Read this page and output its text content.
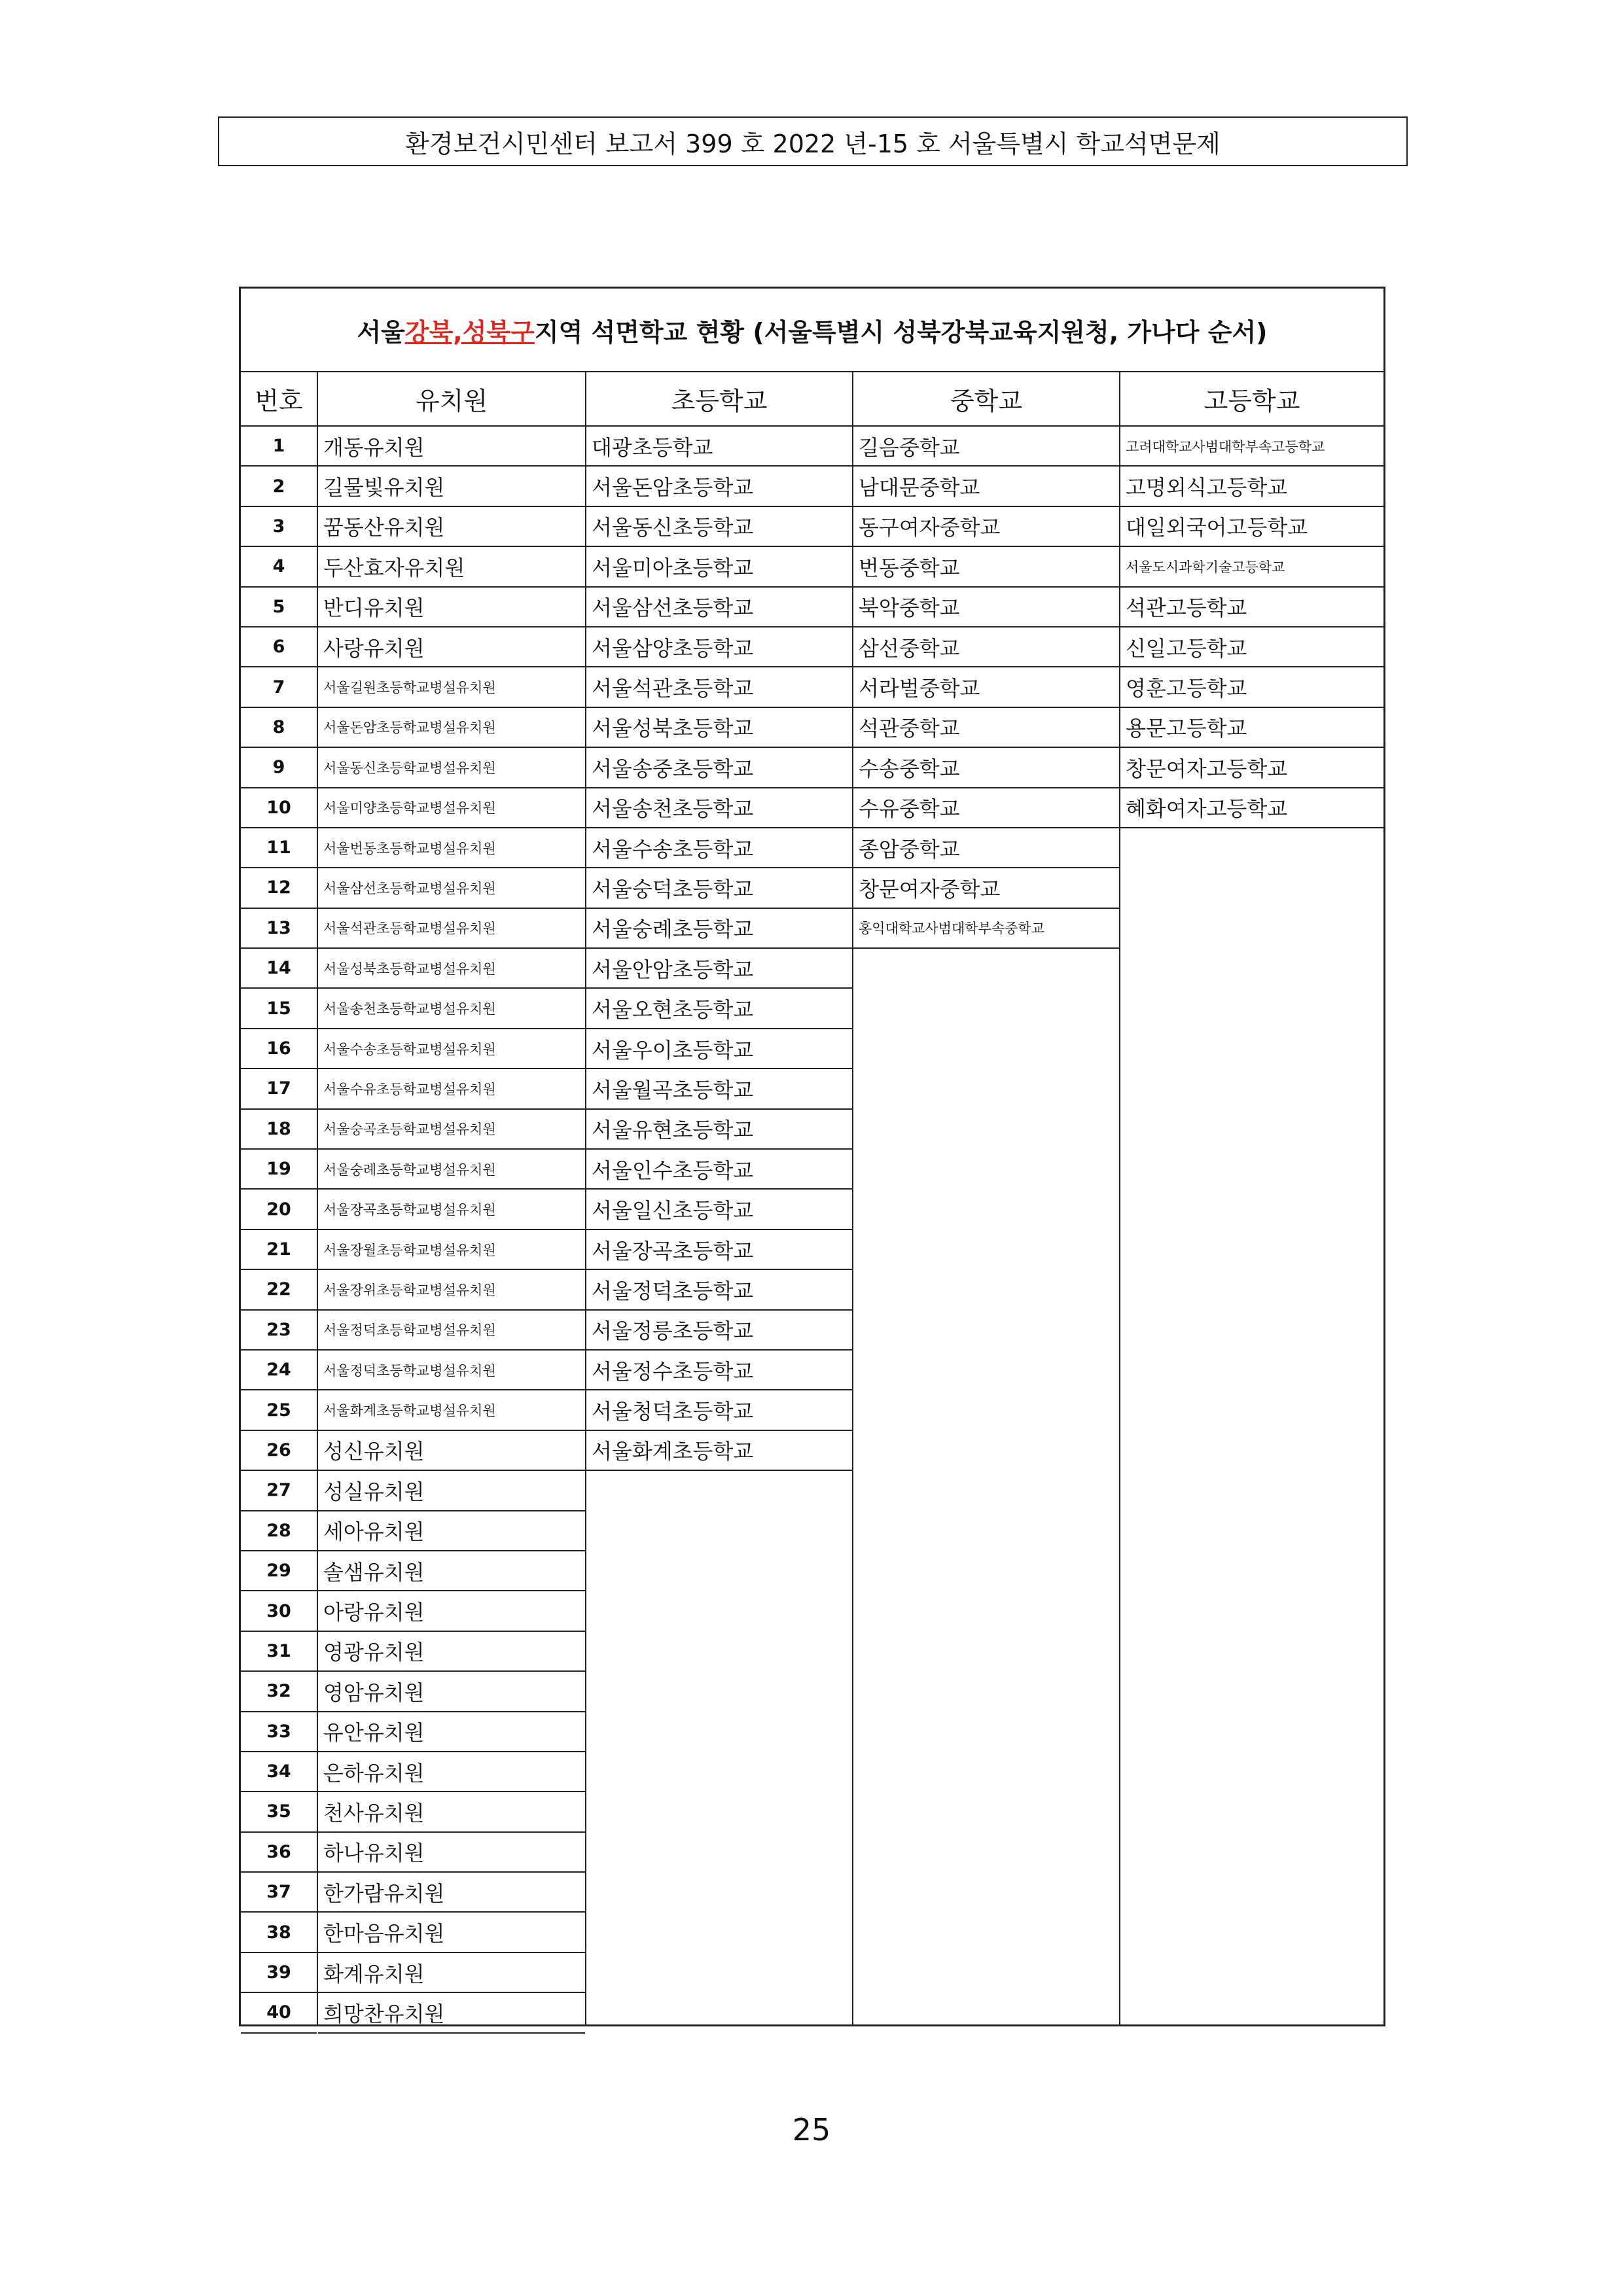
환경보건시민센터 보고서 399 호 2022 년-15 호 서울특별시 학교석면문제
서울 강북,성북구 지역 석면학교 현황 (서울특별시 성북강북교육지원청, 가나다 순서)
번호
1
2
3
4
5
6
7
8
9
10
11
12
13
14
15
16
17
18
19
20
21
22
23
24
25
26
27
28
29
30
31
32
33
34
35
36
37
38
39
40
유치원
개동유치원
길물빛유치원
꿈동산유치원
두산효자유치원
반디유치원
사랑유치원
서울길원초등학교병설유치원
서울돈암초등학교병설유치원
서울동신초등학교병설유치원
서울미양초등학교병설유치원
서울번동초등학교병설유치원
서울삼선초등학교병설유치원
서울석관초등학교병설유치원
서울성북초등학교병설유치원
서울송천초등학교병설유치원
서울수송초등학교병설유치원
서울수유초등학교병설유치원
서울숭곡초등학교병설유치원
서울숭례초등학교병설유치원
서울장곡초등학교병설유치원
서울장월초등학교병설유치원
서울장위초등학교병설유치원
서울정덕초등학교병설유치원
서울정덕초등학교병설유치원
서울화계초등학교병설유치원
성신유치원
성실유치원
세아유치원
솔샘유치원
아랑유치원
영광유치원
영암유치원
유안유치원
은하유치원
천사유치원
하나유치원
한가람유치원
한마음유치원
화계유치원
희망찬유치원
초등학교
대광초등학교
서울돈암초등학교
서울동신초등학교
서울미아초등학교
서울삼선초등학교
서울삼양초등학교
서울석관초등학교
서울성북초등학교
서울송중초등학교
서울송천초등학교
서울수송초등학교
서울숭덕초등학교
서울숭례초등학교
서울안암초등학교
서울오현초등학교
서울우이초등학교
서울월곡초등학교
서울유현초등학교
서울인수초등학교
서울일신초등학교
서울장곡초등학교
서울정덕초등학교
서울정릉초등학교
서울정수초등학교
서울청덕초등학교
서울화계초등학교
중학교
길음중학교
남대문중학교
동구여자중학교
번동중학교
북악중학교
삼선중학교
서라벌중학교
석관중학교
수송중학교
수유중학교
종암중학교
창문여자중학교
홍익대학교사범대학부속중학교
고등학교
고려대학교사범대학부속고등학교
고명외식고등학교
대일외국어고등학교
서울도시과학기술고등학교
석관고등학교
신일고등학교
영훈고등학교
용문고등학교
창문여자고등학교
혜화여자고등학교
25
